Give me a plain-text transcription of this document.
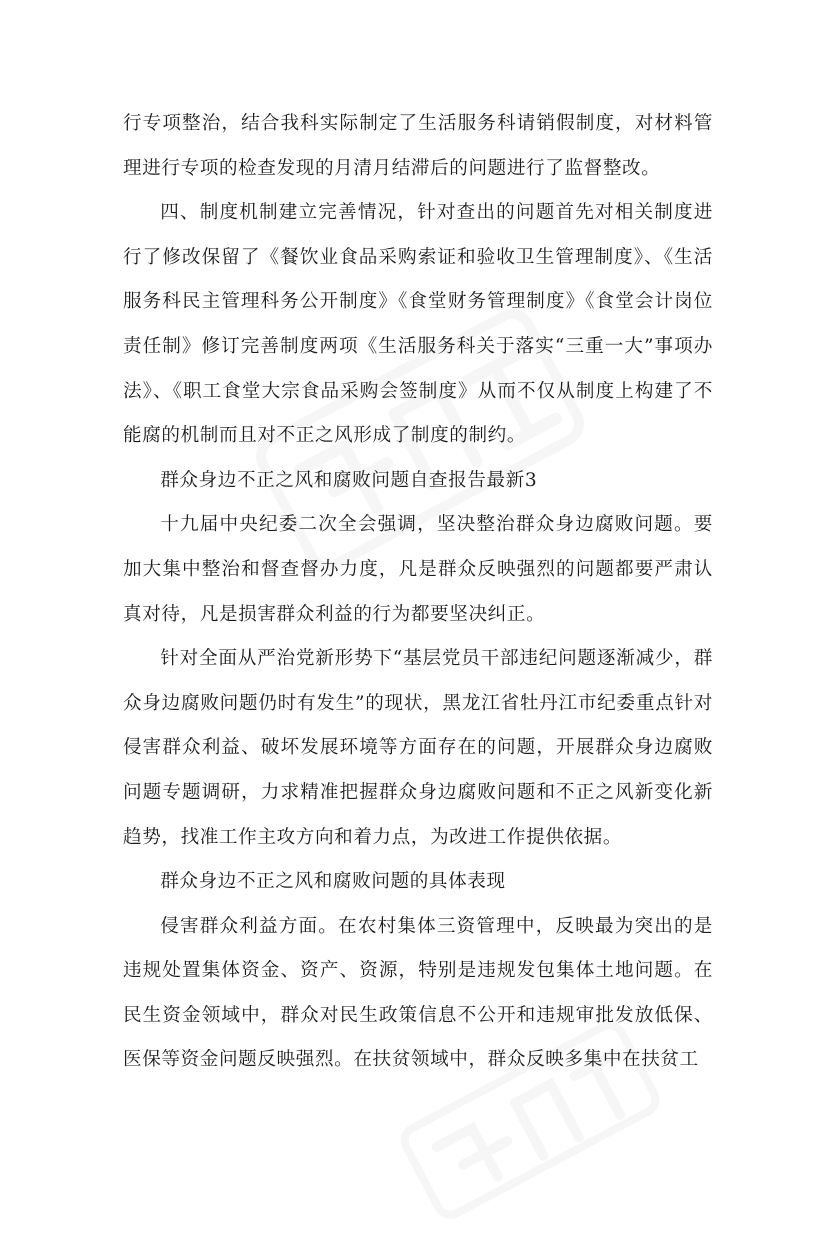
行专项整治，结合我科实际制定了生活服务科请销假制度，对材料管理进行专项的检查发现的月清月结滞后的问题进行了监督整改。

四、制度机制建立完善情况，针对查出的问题首先对相关制度进行了修改保留了《餐饮业食品采购索证和验收卫生管理制度》、《生活服务科民主管理科务公开制度》《食堂财务管理制度》《食堂会计岗位责任制》修订完善制度两项《生活服务科关于落实“三重一大”事项办法》、《职工食堂大宗食品采购会签制度》从而不仅从制度上构建了不能腐的机制而且对不正之风形成了制度的制约。

群众身边不正之风和腐败问题自查报告最新3

十九届中央纪委二次全会强调，坚决整治群众身边腐败问题。要加大集中整治和督查督办力度，凡是群众反映强烈的问题都要严肃认真对待，凡是损害群众利益的行为都要坚决纠正。

针对全面从严治党新形势下“基层党员干部违纪问题逐渐减少，群众身边腐败问题仍时有发生”的现状，黑龙江省牡丹江市纪委重点针对侵害群众利益、破坏发展环境等方面存在的问题，开展群众身边腐败问题专题调研，力求精准把握群众身边腐败问题和不正之风新变化新趋势，找准工作主攻方向和着力点，为改进工作提供依据。

群众身边不正之风和腐败问题的具体表现

侵害群众利益方面。在农村集体三资管理中，反映最为突出的是违规处置集体资金、资产、资源，特别是违规发包集体土地问题。在民生资金领域中，群众对民生政策信息不公开和违规审批发放低保、医保等资金问题反映强烈。在扶贫领域中，群众反映多集中在扶贫工
